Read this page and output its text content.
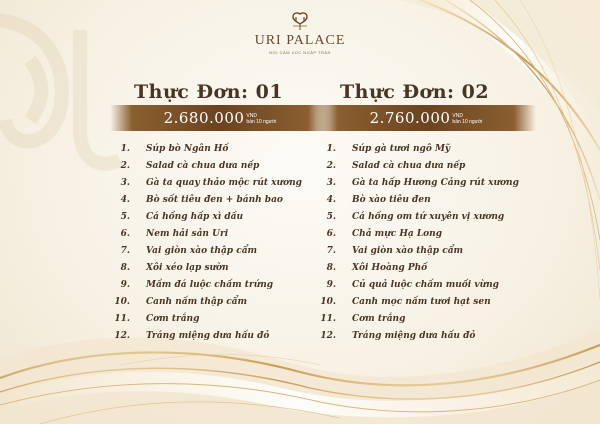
URI PALACE
NƠI CẢM XÚC NGẬP TRÀN
Thực Đơn: 01
2.680.000 VND
bàn 10 người
1. Súp bò Ngân Hồ
2. Salad cà chua dưa nếp
3. Gà ta quay thảo mộc rút xương
4. Bò sốt tiêu đen + bánh bao
5. Cá hồng hấp xì dầu
6. Nem hải sản Uri
7. Vai giòn xào thập cẩm
8. Xôi xéo lạp sườn
9. Mầm đá luộc chấm trứng
10. Canh nấm thập cẩm
11. Cơm trắng
12. Tráng miệng dưa hấu đỏ
Thực Đơn: 02
2.760.000 VND
bàn 10 người
1. Súp gà tươi ngô Mỹ
2. Salad cà chua dưa nếp
3. Gà ta hấp Hương Cảng rút xương
4. Bò xào tiêu đen
5. Cá hồng om tứ xuyên vị xương
6. Chả mực Hạ Long
7. Vai giòn xào thập cẩm
8. Xôi Hoàng Phố
9. Củ quả luộc chấm muối vừng
10. Canh mọc nấm tươi hạt sen
11. Cơm trắng
12. Tráng miệng dưa hấu đỏ
